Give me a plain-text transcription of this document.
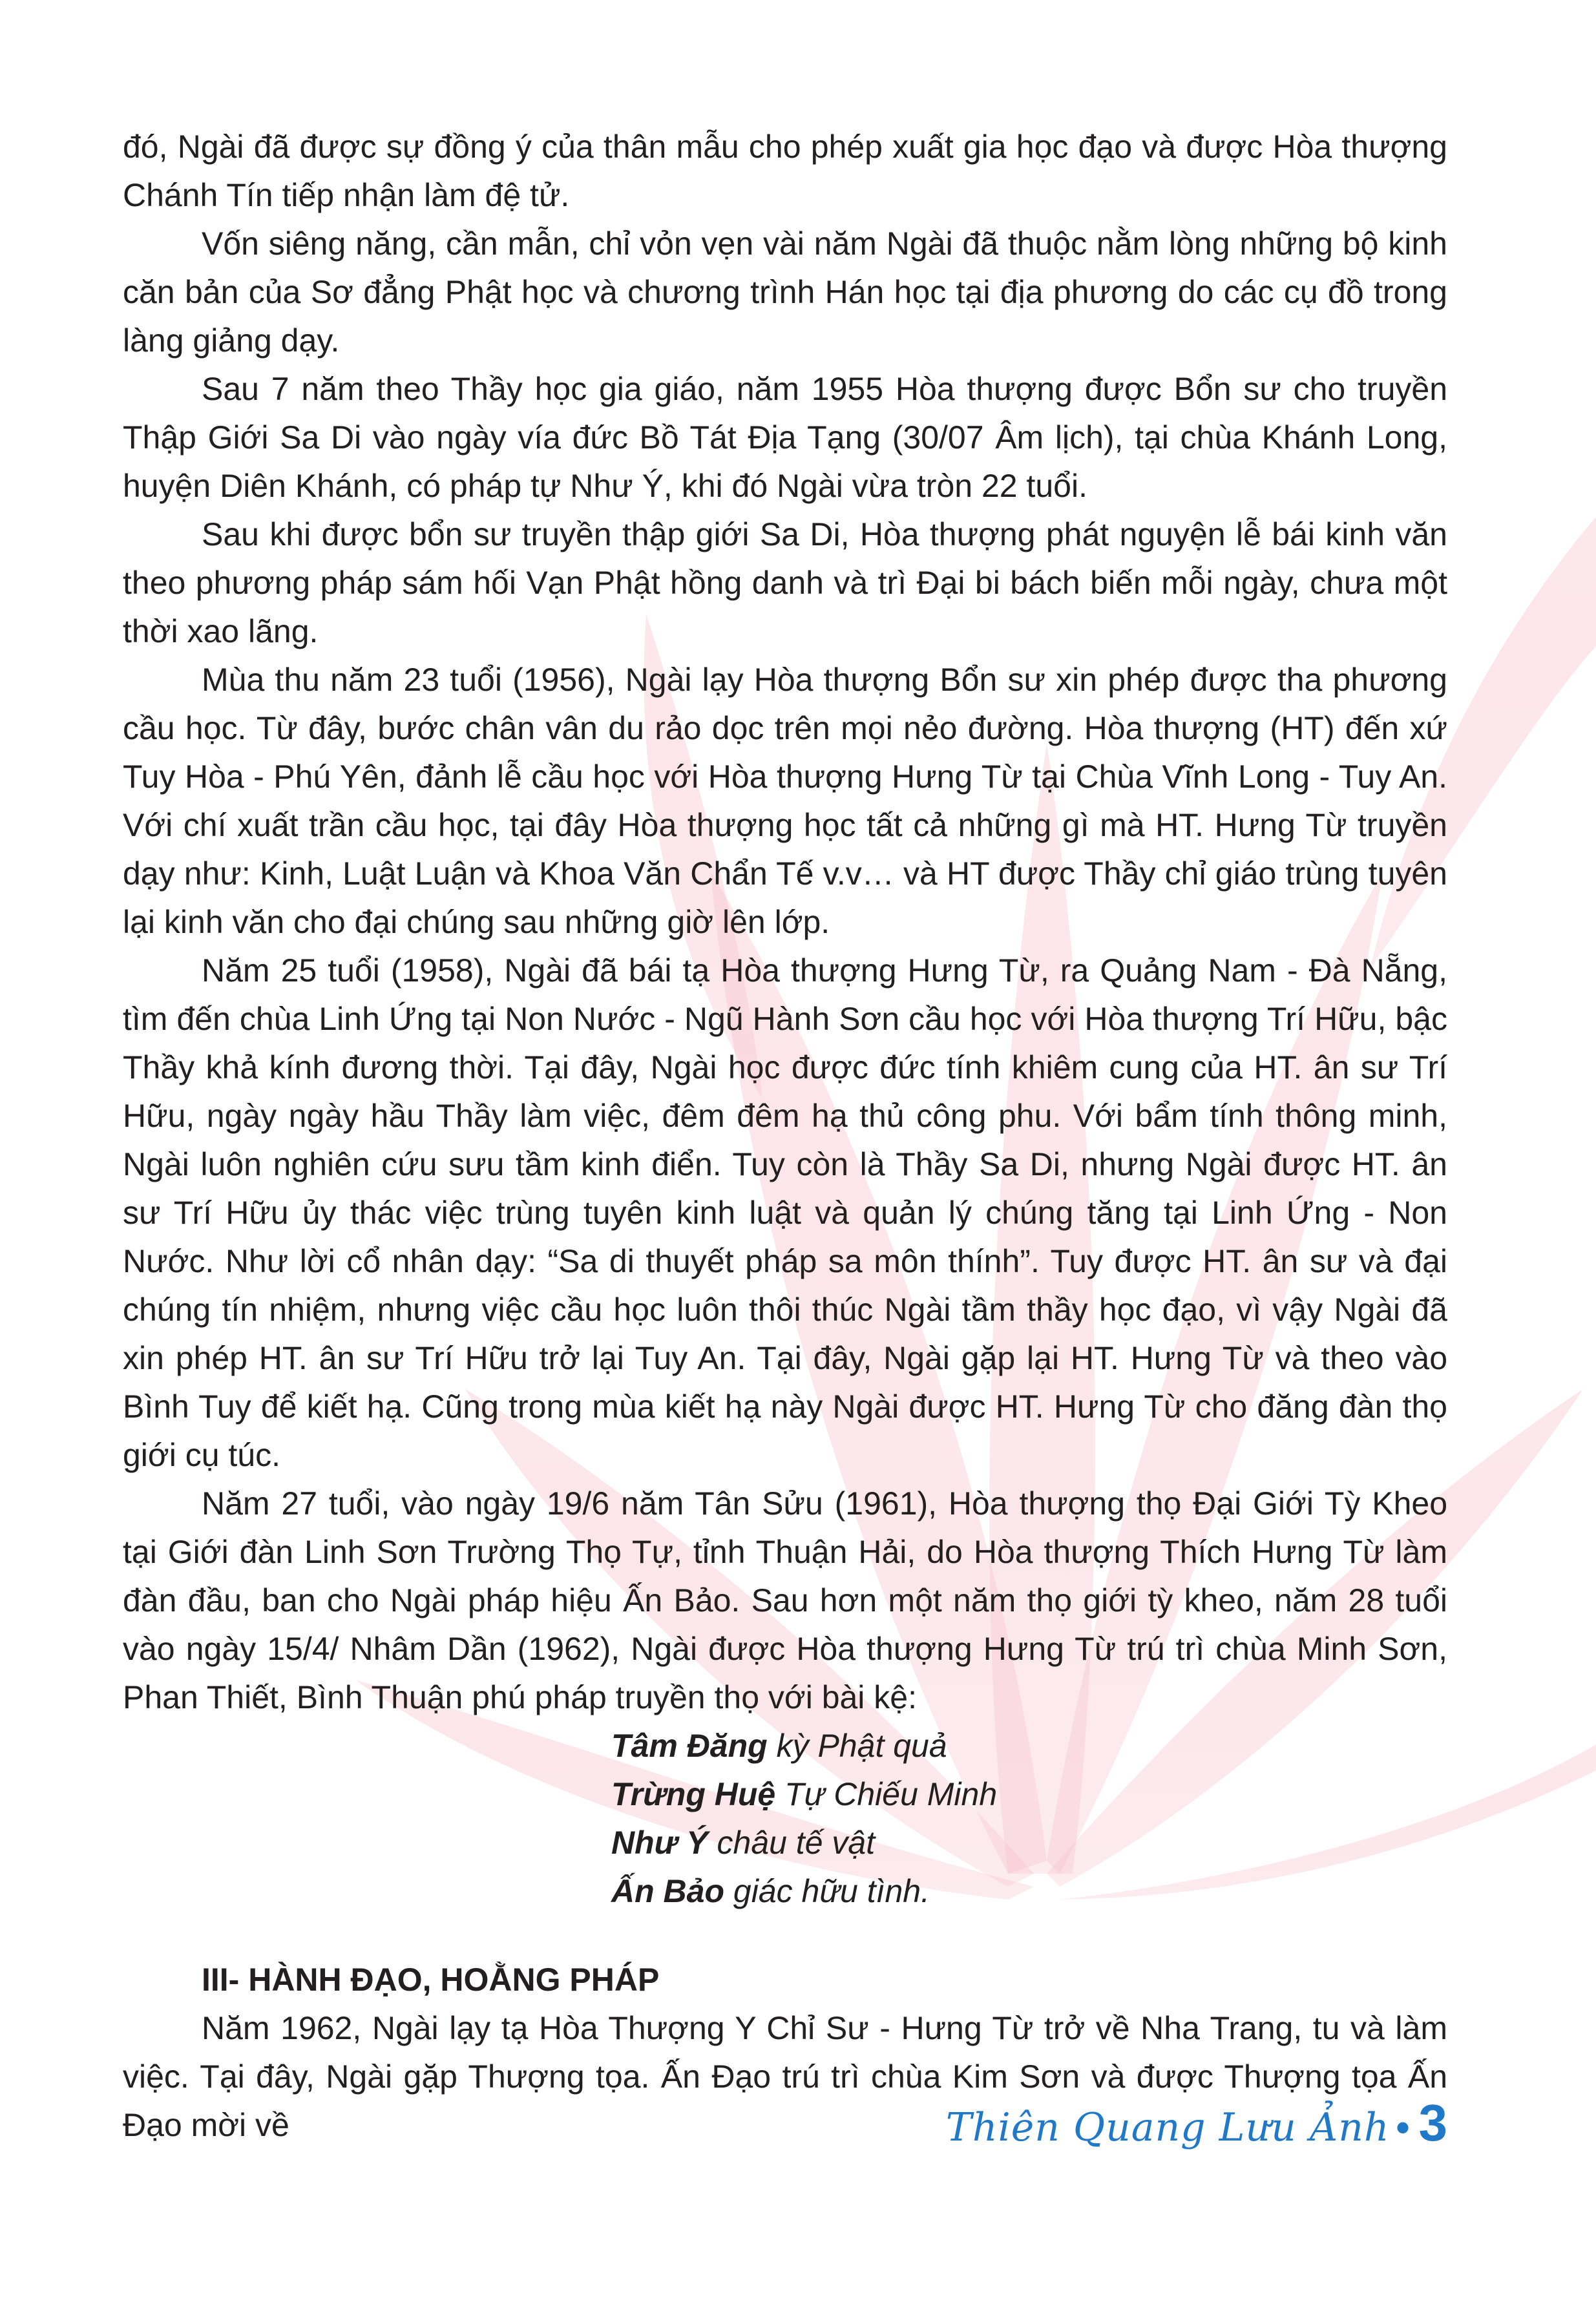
đó, Ngài đã được sự đồng ý của thân mẫu cho phép xuất gia học đạo và được Hòa thượng Chánh Tín tiếp nhận làm đệ tử.

Vốn siêng năng, cần mẫn, chỉ vỏn vẹn vài năm Ngài đã thuộc nằm lòng những bộ kinh căn bản của Sơ đẳng Phật học và chương trình Hán học tại địa phương do các cụ đồ trong làng giảng dạy.

Sau 7 năm theo Thầy học gia giáo, năm 1955 Hòa thượng được Bổn sư cho truyền Thập Giới Sa Di vào ngày vía đức Bồ Tát Địa Tạng (30/07 Âm lịch), tại chùa Khánh Long, huyện Diên Khánh, có pháp tự Như Ý, khi đó Ngài vừa tròn 22 tuổi.

Sau khi được bổn sư truyền thập giới Sa Di, Hòa thượng phát nguyện lễ bái kinh văn theo phương pháp sám hối Vạn Phật hồng danh và trì Đại bi bách biến mỗi ngày, chưa một thời xao lãng.

Mùa thu năm 23 tuổi (1956), Ngài lạy Hòa thượng Bổn sư xin phép được tha phương cầu học. Từ đây, bước chân vân du rảo dọc trên mọi nẻo đường. Hòa thượng (HT) đến xứ Tuy Hòa - Phú Yên, đảnh lễ cầu học với Hòa thượng Hưng Từ tại Chùa Vĩnh Long - Tuy An. Với chí xuất trần cầu học, tại đây Hòa thượng học tất cả những gì mà HT. Hưng Từ truyền dạy như: Kinh, Luật Luận và Khoa Văn Chẩn Tế v.v… và HT được Thầy chỉ giáo trùng tuyên lại kinh văn cho đại chúng sau những giờ lên lớp.

Năm 25 tuổi (1958), Ngài đã bái tạ Hòa thượng Hưng Từ, ra Quảng Nam - Đà Nẵng, tìm đến chùa Linh Ứng tại Non Nước - Ngũ Hành Sơn cầu học với Hòa thượng Trí Hữu, bậc Thầy khả kính đương thời. Tại đây, Ngài học được đức tính khiêm cung của HT. ân sư Trí Hữu, ngày ngày hầu Thầy làm việc, đêm đêm hạ thủ công phu. Với bẩm tính thông minh, Ngài luôn nghiên cứu sưu tầm kinh điển. Tuy còn là Thầy Sa Di, nhưng Ngài được HT. ân sư Trí Hữu ủy thác việc trùng tuyên kinh luật và quản lý chúng tăng tại Linh Ứng - Non Nước. Như lời cổ nhân dạy: “Sa di thuyết pháp sa môn thính”. Tuy được HT. ân sư và đại chúng tín nhiệm, nhưng việc cầu học luôn thôi thúc Ngài tầm thầy học đạo, vì vậy Ngài đã xin phép HT. ân sư Trí Hữu trở lại Tuy An. Tại đây, Ngài gặp lại HT. Hưng Từ và theo vào Bình Tuy để kiết hạ. Cũng trong mùa kiết hạ này Ngài được HT. Hưng Từ cho đăng đàn thọ giới cụ túc.

Năm 27 tuổi, vào ngày 19/6 năm Tân Sửu (1961), Hòa thượng thọ Đại Giới Tỳ Kheo tại Giới đàn Linh Sơn Trường Thọ Tự, tỉnh Thuận Hải, do Hòa thượng Thích Hưng Từ làm đàn đầu, ban cho Ngài pháp hiệu Ấn Bảo. Sau hơn một năm thọ giới tỳ kheo, năm 28 tuổi vào ngày 15/4/ Nhâm Dần (1962), Ngài được Hòa thượng Hưng Từ trú trì chùa Minh Sơn, Phan Thiết, Bình Thuận phú pháp truyền thọ với bài kệ:

Tâm Đăng kỳ Phật quả
Trừng Huệ Tự Chiếu Minh
Như Ý châu tế vật
Ấn Bảo giác hữu tình.
III- HÀNH ĐẠO, HOẰNG PHÁP

Năm 1962, Ngài lạy tạ Hòa Thượng Y Chỉ Sư - Hưng Từ trở về Nha Trang, tu và làm việc. Tại đây, Ngài gặp Thượng tọa. Ấn Đạo trú trì chùa Kim Sơn và được Thượng tọa Ấn Đạo mời về	Thiên Quang Lưu Ảnh • 3
